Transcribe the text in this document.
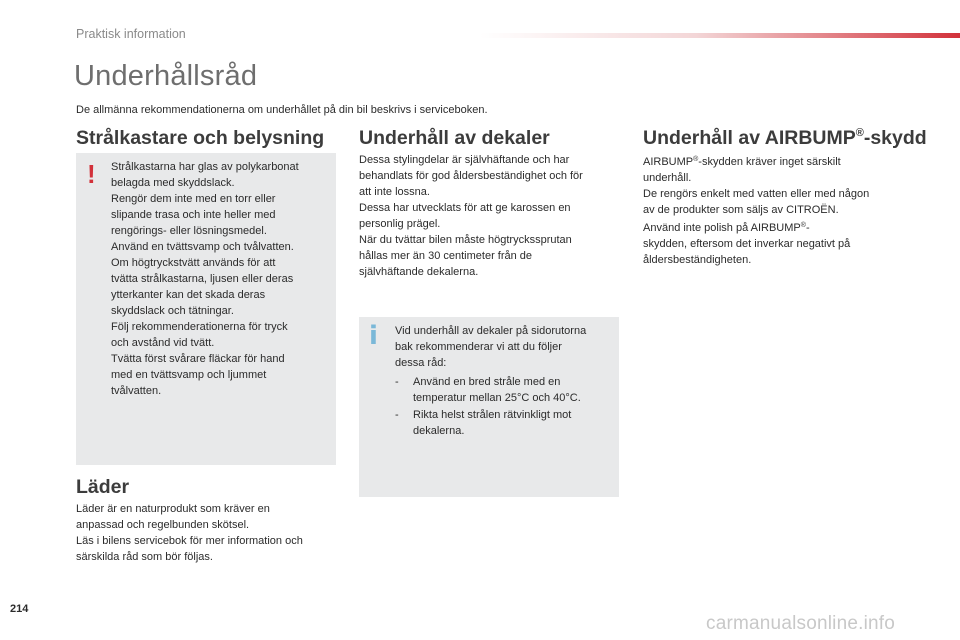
Praktisk information
Underhållsråd

De allmänna rekommendationerna om underhållet på din bil beskrivs i serviceboken.

Strålkastare och belysning
! Strålkastarna har glas av polykarbonat
belagda med skyddslack.
Rengör dem inte med en torr eller
slipande trasa och inte heller med
rengörings- eller lösningsmedel.
Använd en tvättsvamp och tvålvatten.
Om högtryckstvätt används för att
tvätta strålkastarna, ljusen eller deras
ytterkanter kan det skada deras
skyddslack och tätningar.
Följ rekommenderationerna för tryck
och avstånd vid tvätt.
Tvätta först svårare fläckar för hand
med en tvättsvamp och ljummet
tvålvatten.
Läder
Läder är en naturprodukt som kräver en
anpassad och regelbunden skötsel.
Läs i bilens servicebok för mer information och
särskilda råd som bör följas.
Underhåll av dekaler
Dessa stylingdelar är självhäftande och har
behandlats för god åldersbeständighet och för
att inte lossna.
Dessa har utvecklats för att ge karossen en
personlig prägel.
När du tvättar bilen måste högtryckssprutan
hållas mer än 30 centimeter från de
självhäftande dekalerna.
i Vid underhåll av dekaler på sidorutorna
bak rekommenderar vi att du följer
dessa råd:
- Använd en bred stråle med en
temperatur mellan 25°C och 40°C.
- Rikta helst strålen rätvinkligt mot
dekalerna.
Underhåll av AIRBUMP®-skydd
AIRBUMP®-skydden kräver inget särskilt
underhåll.
De rengörs enkelt med vatten eller med någon
av de produkter som säljs av CITROËN.
Använd inte polish på AIRBUMP®-
skydden, eftersom det inverkar negativt på
åldersbeständigheten.
214
carmanualsonline.info
